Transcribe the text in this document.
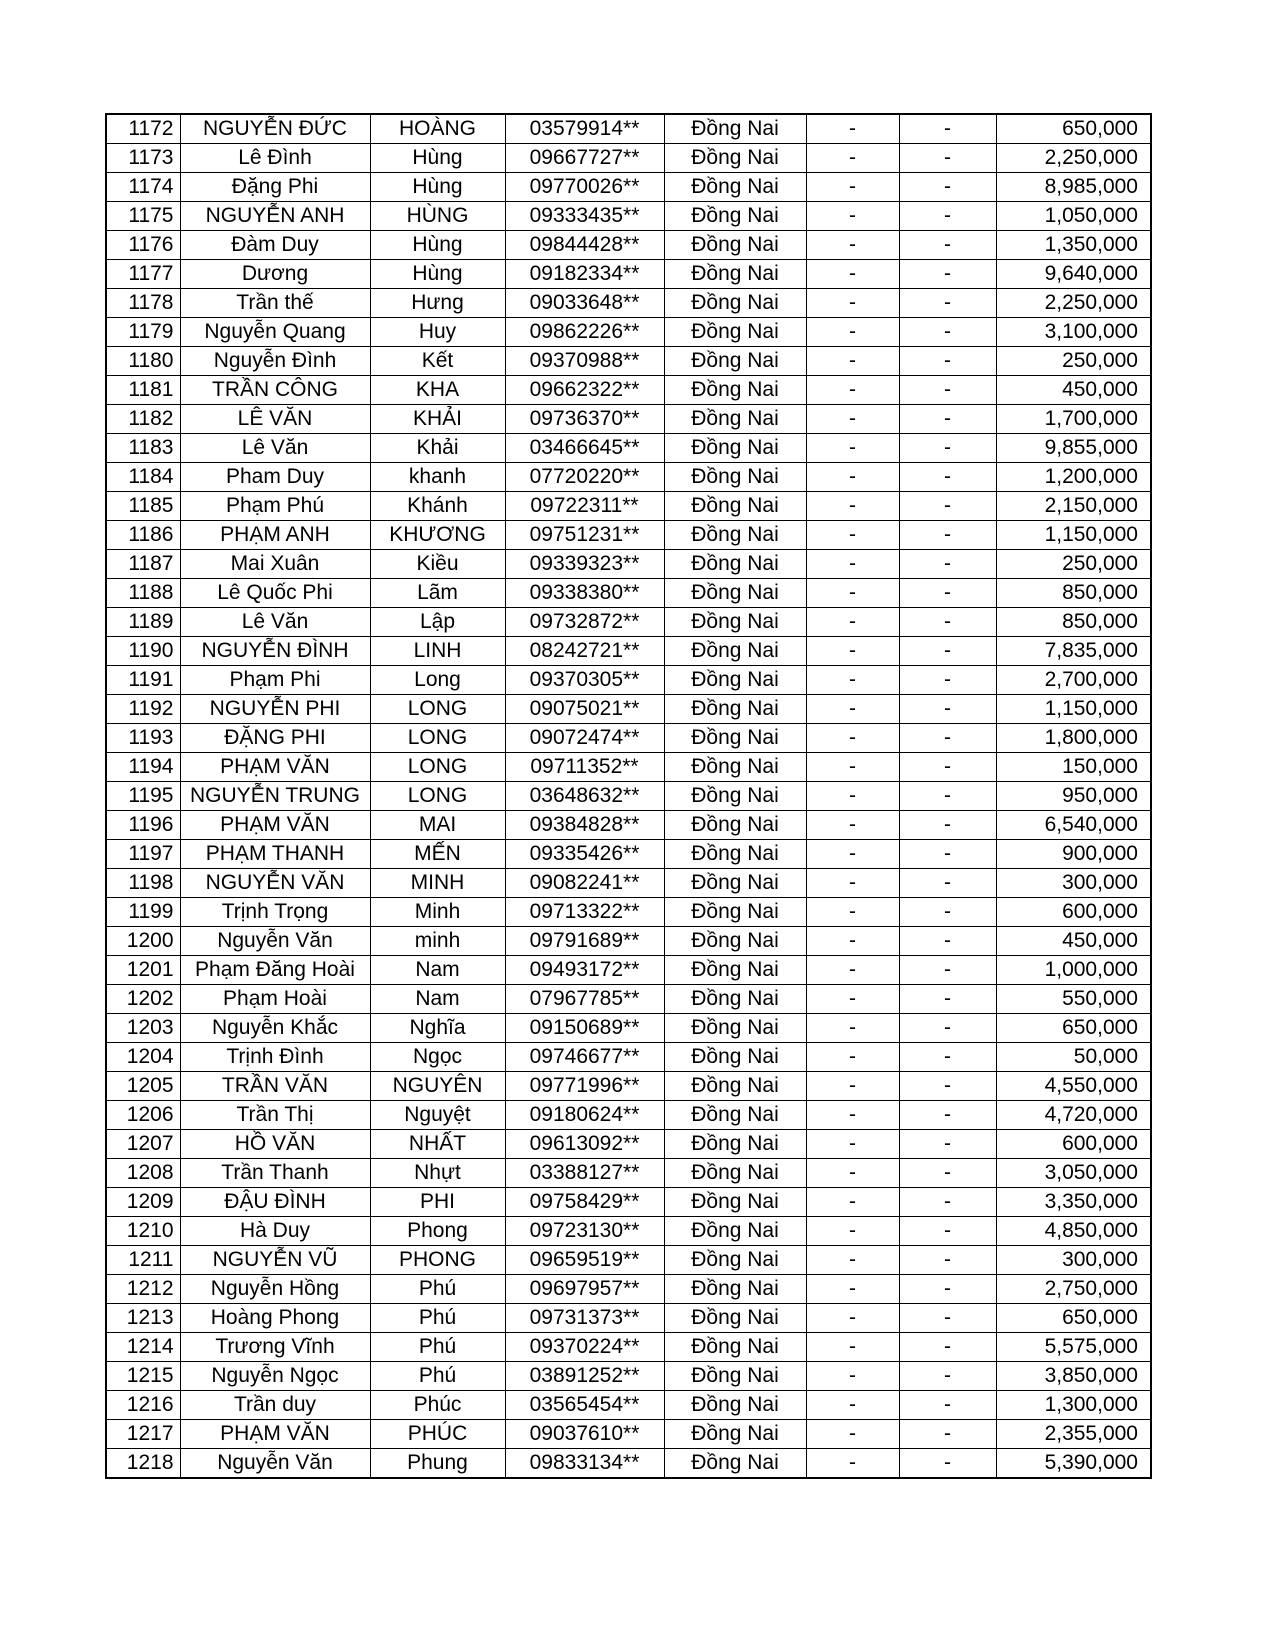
1172	NGUYỄN ĐỨC	HOÀNG	03579914**	Đồng Nai	-	-	650,000
1173	Lê Đình	Hùng	09667727**	Đồng Nai	-	-	2,250,000
1174	Đặng Phi	Hùng	09770026**	Đồng Nai	-	-	8,985,000
1175	NGUYỄN ANH	HÙNG	09333435**	Đồng Nai	-	-	1,050,000
1176	Đàm Duy	Hùng	09844428**	Đồng Nai	-	-	1,350,000
1177	Dương	Hùng	09182334**	Đồng Nai	-	-	9,640,000
1178	Trần thế	Hưng	09033648**	Đồng Nai	-	-	2,250,000
1179	Nguyễn Quang	Huy	09862226**	Đồng Nai	-	-	3,100,000
1180	Nguyễn Đình	Kết	09370988**	Đồng Nai	-	-	250,000
1181	TRẦN CÔNG	KHA	09662322**	Đồng Nai	-	-	450,000
1182	LÊ VĂN	KHẢI	09736370**	Đồng Nai	-	-	1,700,000
1183	Lê Văn	Khải	03466645**	Đồng Nai	-	-	9,855,000
1184	Pham Duy	khanh	07720220**	Đồng Nai	-	-	1,200,000
1185	Phạm Phú	Khánh	09722311**	Đồng Nai	-	-	2,150,000
1186	PHẠM ANH	KHƯƠNG	09751231**	Đồng Nai	-	-	1,150,000
1187	Mai Xuân	Kiều	09339323**	Đồng Nai	-	-	250,000
1188	Lê Quốc Phi	Lãm	09338380**	Đồng Nai	-	-	850,000
1189	Lê Văn	Lập	09732872**	Đồng Nai	-	-	850,000
1190	NGUYỄN ĐÌNH	LINH	08242721**	Đồng Nai	-	-	7,835,000
1191	Phạm Phi	Long	09370305**	Đồng Nai	-	-	2,700,000
1192	NGUYỄN PHI	LONG	09075021**	Đồng Nai	-	-	1,150,000
1193	ĐẶNG PHI	LONG	09072474**	Đồng Nai	-	-	1,800,000
1194	PHẠM VĂN	LONG	09711352**	Đồng Nai	-	-	150,000
1195	NGUYỄN TRUNG	LONG	03648632**	Đồng Nai	-	-	950,000
1196	PHẠM VĂN	MAI	09384828**	Đồng Nai	-	-	6,540,000
1197	PHẠM THANH	MẾN	09335426**	Đồng Nai	-	-	900,000
1198	NGUYỄN VĂN	MINH	09082241**	Đồng Nai	-	-	300,000
1199	Trịnh Trọng	Minh	09713322**	Đồng Nai	-	-	600,000
1200	Nguyễn Văn	minh	09791689**	Đồng Nai	-	-	450,000
1201	Phạm Đăng Hoài	Nam	09493172**	Đồng Nai	-	-	1,000,000
1202	Phạm Hoài	Nam	07967785**	Đồng Nai	-	-	550,000
1203	Nguyễn Khắc	Nghĩa	09150689**	Đồng Nai	-	-	650,000
1204	Trịnh Đình	Ngọc	09746677**	Đồng Nai	-	-	50,000
1205	TRẦN VĂN	NGUYÊN	09771996**	Đồng Nai	-	-	4,550,000
1206	Trần Thị	Nguyệt	09180624**	Đồng Nai	-	-	4,720,000
1207	HỒ VĂN	NHẤT	09613092**	Đồng Nai	-	-	600,000
1208	Trần Thanh	Nhựt	03388127**	Đồng Nai	-	-	3,050,000
1209	ĐẬU ĐÌNH	PHI	09758429**	Đồng Nai	-	-	3,350,000
1210	Hà Duy	Phong	09723130**	Đồng Nai	-	-	4,850,000
1211	NGUYỄN VŨ	PHONG	09659519**	Đồng Nai	-	-	300,000
1212	Nguyễn Hồng	Phú	09697957**	Đồng Nai	-	-	2,750,000
1213	Hoàng Phong	Phú	09731373**	Đồng Nai	-	-	650,000
1214	Trương Vĩnh	Phú	09370224**	Đồng Nai	-	-	5,575,000
1215	Nguyễn Ngọc	Phú	03891252**	Đồng Nai	-	-	3,850,000
1216	Trần duy	Phúc	03565454**	Đồng Nai	-	-	1,300,000
1217	PHẠM VĂN	PHÚC	09037610**	Đồng Nai	-	-	2,355,000
1218	Nguyễn Văn	Phung	09833134**	Đồng Nai	-	-	5,390,000
